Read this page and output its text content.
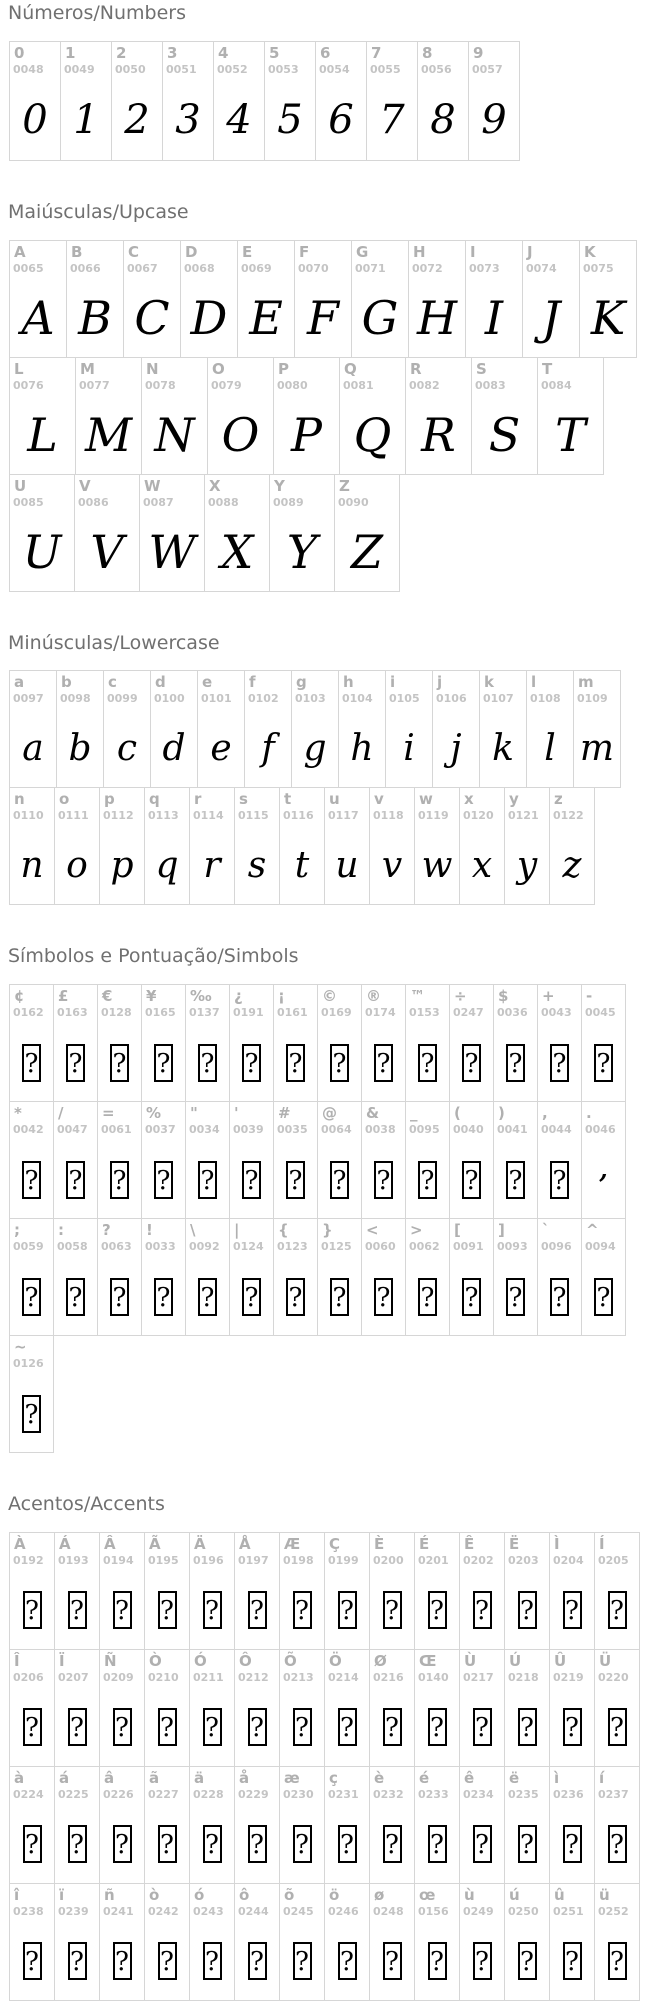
Números/Numbers
0
0048
0
1
0049
1
2
0050
2
3
0051
3
4
0052
4
5
0053
5
6
0054
6
7
0055
7
8
0056
8
9
0057
9
Maiúsculas/Upcase
A
0065
A
B
0066
B
C
0067
C
D
0068
D
E
0069
E
F
0070
F
G
0071
G
H
0072
H
I
0073
I
J
0074
J
K
0075
K
L
0076
L
M
0077
M
N
0078
N
O
0079
O
P
0080
P
Q
0081
Q
R
0082
R
S
0083
S
T
0084
T
U
0085
U
V
0086
V
W
0087
W
X
0088
X
Y
0089
Y
Z
0090
Z
Minúsculas/Lowercase
a
0097
a
b
0098
b
c
0099
c
d
0100
d
e
0101
e
f
0102
f
g
0103
g
h
0104
h
i
0105
i
j
0106
j
k
0107
k
l
0108
l
m
0109
m
n
0110
n
o
0111
o
p
0112
p
q
0113
q
r
0114
r
s
0115
s
t
0116
t
u
0117
u
v
0118
v
w
0119
w
x
0120
x
y
0121
y
z
0122
z
Símbolos e Pontuação/Simbols
¢
0162
?
£
0163
?
€
0128
?
¥
0165
?
‰
0137
?
¿
0191
?
¡
0161
?
©
0169
?
®
0174
?
™
0153
?
÷
0247
?
$
0036
?
+
0043
?
-
0045
?
*
0042
?
/
0047
?
=
0061
?
%
0037
?
"
0034
?
'
0039
?
#
0035
?
@
0064
?
&
0038
?
_
0095
?
(
0040
?
)
0041
?
,
0044
?
.
0046
,
;
0059
?
:
0058
?
?
0063
?
!
0033
?
\
0092
?
|
0124
?
{
0123
?
}
0125
?
<
0060
?
>
0062
?
[
0091
?
]
0093
?
`
0096
?
^
0094
?
~
0126
?
Acentos/Accents
À
0192
?
Á
0193
?
Â
0194
?
Ã
0195
?
Ä
0196
?
Å
0197
?
Æ
0198
?
Ç
0199
?
È
0200
?
É
0201
?
Ê
0202
?
Ë
0203
?
Ì
0204
?
Í
0205
?
Î
0206
?
Ï
0207
?
Ñ
0209
?
Ò
0210
?
Ó
0211
?
Ô
0212
?
Õ
0213
?
Ö
0214
?
Ø
0216
?
Œ
0140
?
Ù
0217
?
Ú
0218
?
Û
0219
?
Ü
0220
?
à
0224
?
á
0225
?
â
0226
?
ã
0227
?
ä
0228
?
å
0229
?
æ
0230
?
ç
0231
?
è
0232
?
é
0233
?
ê
0234
?
ë
0235
?
ì
0236
?
í
0237
?
î
0238
?
ï
0239
?
ñ
0241
?
ò
0242
?
ó
0243
?
ô
0244
?
õ
0245
?
ö
0246
?
ø
0248
?
œ
0156
?
ù
0249
?
ú
0250
?
û
0251
?
ü
0252
?
